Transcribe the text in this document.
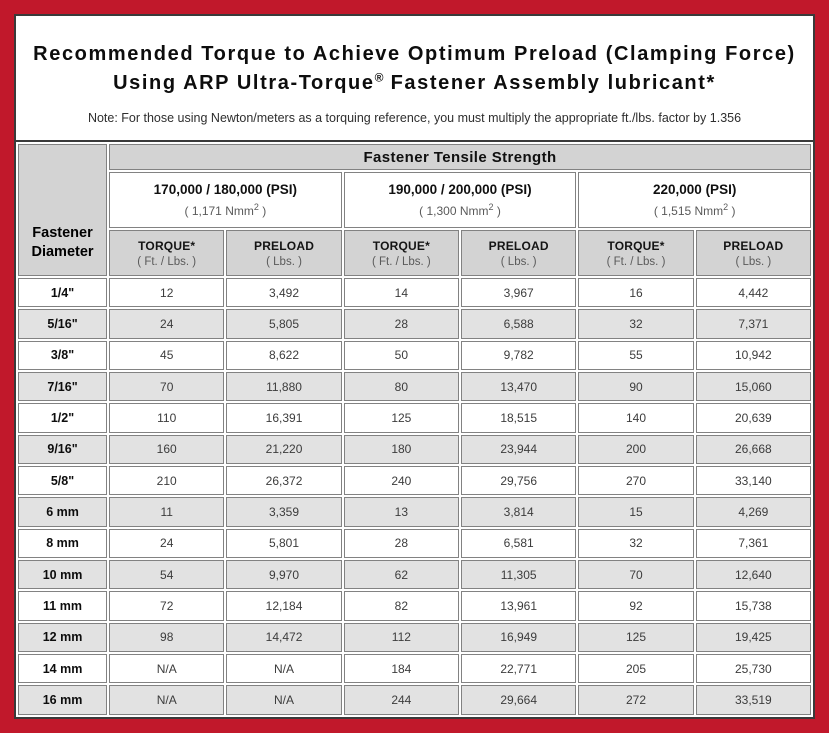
Recommended Torque to Achieve Optimum Preload (Clamping Force)
Using ARP Ultra-Torque® Fastener Assembly lubricant*
Note: For those using Newton/meters as a torquing reference, you must multiply the appropriate ft./lbs. factor by 1.356
Fastener Diameter	Fastener Tensile Strength					

170,000 / 180,000 (PSI)
( 1,171 Nmm$^2$ )

190,000 / 200,000 (PSI)
( 1,300 Nmm$^2$ )

220,000 (PSI)
( 1,515 Nmm$^2$ )

TORQUE*
( Ft. / Lbs. )

PRELOAD
( Lbs. )

TORQUE*
( Ft. / Lbs. )

PRELOAD
( Lbs. )

TORQUE*
( Ft. / Lbs. )

PRELOAD
( Lbs. )

1/4"	12	3,492	14	3,967	16	4,442
5/16"	24	5,805	28	6,588	32	7,371
3/8"	45	8,622	50	9,782	55	10,942
7/16"	70	11,880	80	13,470	90	15,060
1/2"	110	16,391	125	18,515	140	20,639
9/16"	160	21,220	180	23,944	200	26,668
5/8"	210	26,372	240	29,756	270	33,140
6 mm	11	3,359	13	3,814	15	4,269
8 mm	24	5,801	28	6,581	32	7,361
10 mm	54	9,970	62	11,305	70	12,640
11 mm	72	12,184	82	13,961	92	15,738
12 mm	98	14,472	112	16,949	125	19,425
14 mm	N/A	N/A	184	22,771	205	25,730
16 mm	N/A	N/A	244	29,664	272	33,519
